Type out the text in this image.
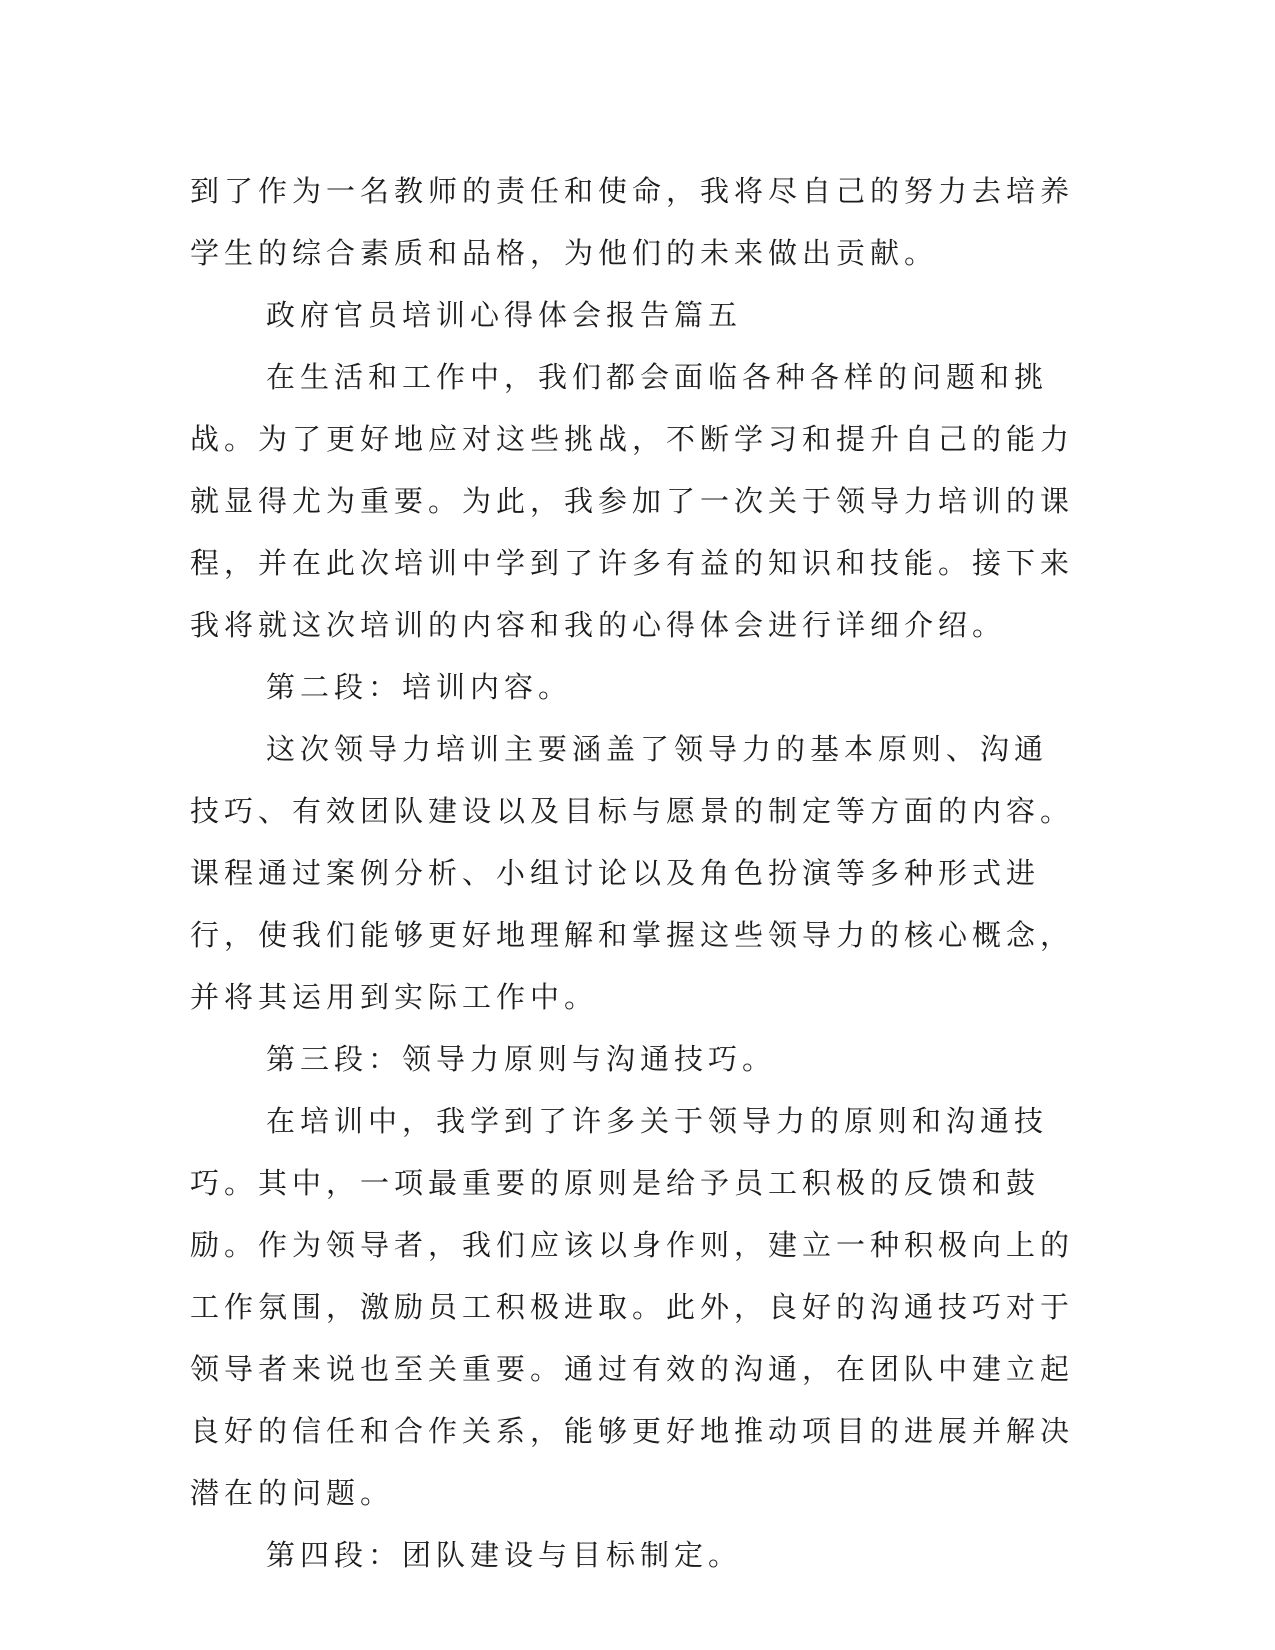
到了作为一名教师的责任和使命，我将尽自己的努力去培养学生的综合素质和品格，为他们的未来做出贡献。

政府官员培训心得体会报告篇五

在生活和工作中，我们都会面临各种各样的问题和挑战。为了更好地应对这些挑战，不断学习和提升自己的能力就显得尤为重要。为此，我参加了一次关于领导力培训的课程，并在此次培训中学到了许多有益的知识和技能。接下来我将就这次培训的内容和我的心得体会进行详细介绍。

第二段：培训内容。

这次领导力培训主要涵盖了领导力的基本原则、沟通技巧、有效团队建设以及目标与愿景的制定等方面的内容。课程通过案例分析、小组讨论以及角色扮演等多种形式进行，使我们能够更好地理解和掌握这些领导力的核心概念，并将其运用到实际工作中。

第三段：领导力原则与沟通技巧。

在培训中，我学到了许多关于领导力的原则和沟通技巧。其中，一项最重要的原则是给予员工积极的反馈和鼓励。作为领导者，我们应该以身作则，建立一种积极向上的工作氛围，激励员工积极进取。此外，良好的沟通技巧对于领导者来说也至关重要。通过有效的沟通，在团队中建立起良好的信任和合作关系，能够更好地推动项目的进展并解决潜在的问题。

第四段：团队建设与目标制定。
